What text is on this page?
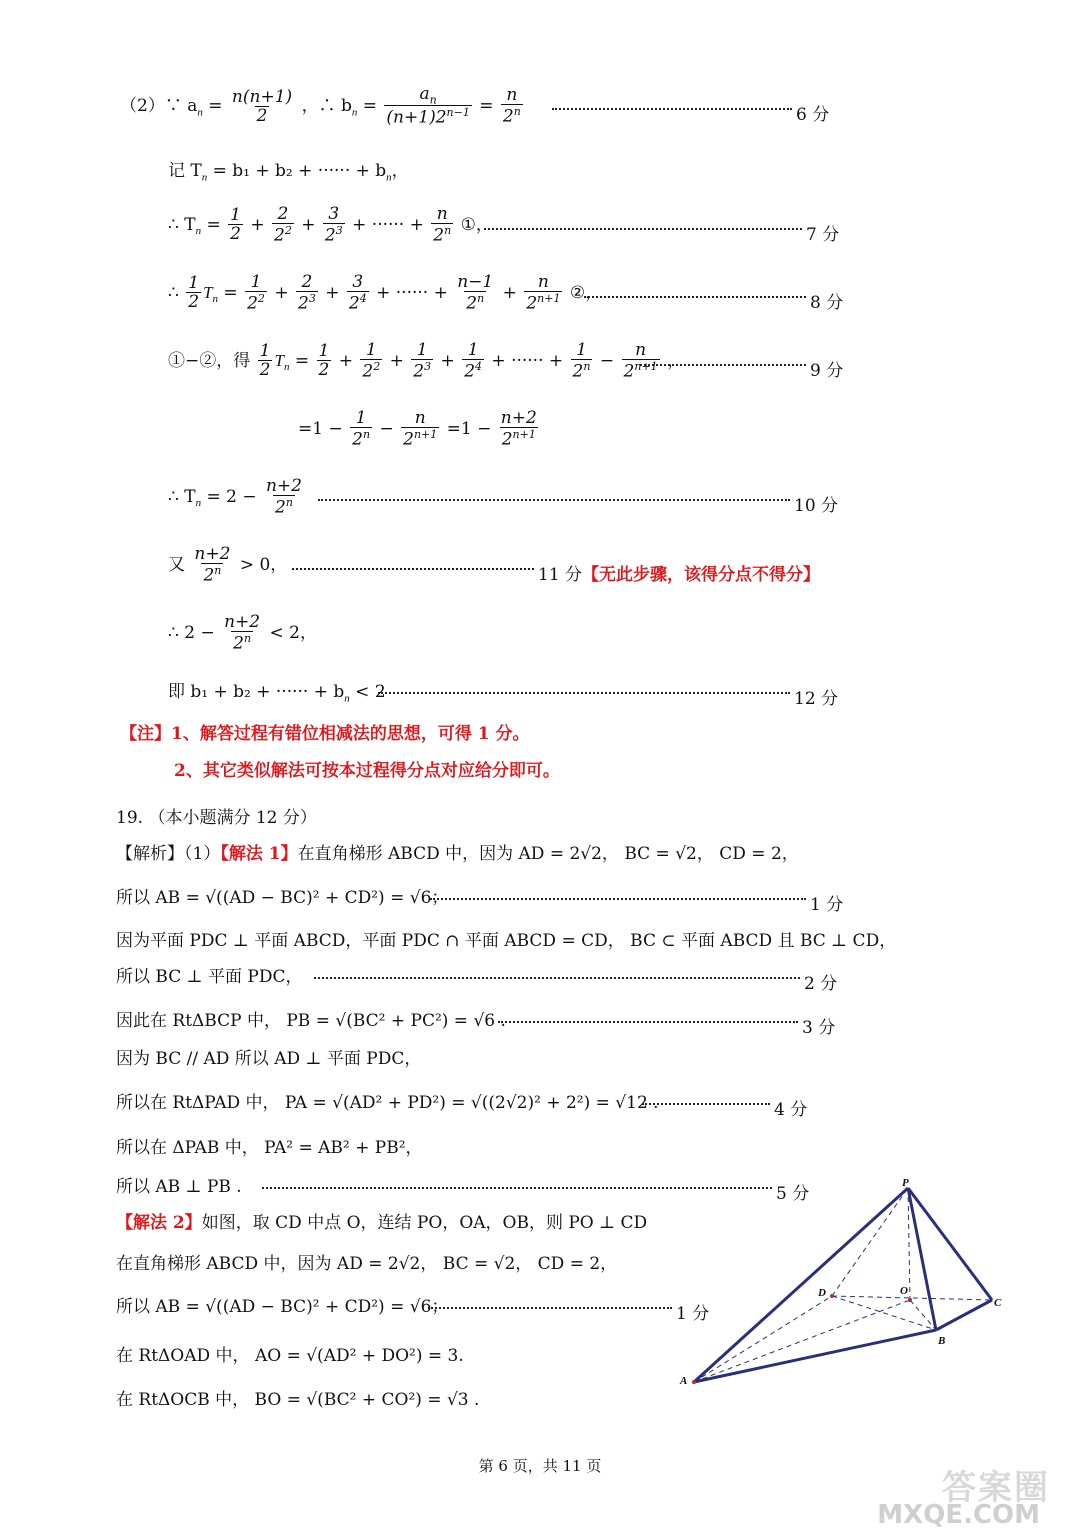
（2）∵ $a_n = \frac{n(n+1)}{2}$ ，∴ $b_n = \frac{a_n}{(n+1)2^{n-1}} = \frac{n}{2^n}$	6 分
记 $T_n = b_1 + b_2$ + ······ + $b_n$，
∴ $T_n = \frac{1}{2} + \frac{2}{2^2} + \frac{3}{2^3}$ + ······ + $\frac{n}{2^n}$ ①，
7 分
∴ $\frac{1}{2} T_n = \frac{1}{2^2} + \frac{2}{2^3} + \frac{3}{2^4}$ + ······ + $\frac{n-1}{2^n} + \frac{n}{2^{n+1}}$ ②，
8 分
①−②，得 $\frac{1}{2} T_n = \frac{1}{2} + \frac{1}{2^2} + \frac{1}{2^3} + \frac{1}{2^4}$ + ······ + $\frac{1}{2^n} - \frac{n}{2^{n+1}}$ ，
9 分
$=1 - \frac{1}{2^n} - \frac{n}{2^{n+1}} =1 - \frac{n+2}{2^{n+1}}$
∴ $T_n = 2 - \frac{n+2}{2^n}$	10 分
又 $\frac{n+2}{2^n} > 0$，
11 分 【无此步骤，该得分点不得分】
∴ $2 - \frac{n+2}{2^n} < 2$，
即 b₁ + b₂ + ······ + $b_n < 2$	12 分
【注】1、解答过程有错位相减法的思想，可得 1 分。
2、其它类似解法可按本过程得分点对应给分即可。
19. （本小题满分 12 分）
【解析】（1）【解法 1】在直角梯形 ABCD 中，因为 AD = 2√2， BC = √2， CD = 2，
所以 AB = √((AD − BC)² + CD²) = √6；	1 分
因为平面 PDC ⊥ 平面 ABCD，平面 PDC ∩ 平面 ABCD = CD， BC ⊂ 平面 ABCD 且 BC ⊥ CD，
所以 BC ⊥ 平面 PDC，	2 分
因此在 RtΔBCP 中， PB = √(BC² + PC²) = √6 .	3 分
因为 BC // AD 所以 AD ⊥ 平面 PDC，
所以在 RtΔPAD 中， PA = √(AD² + PD²) = √((2√2)² + 2²) = √12 .	4 分
所以在 ΔPAB 中， PA² = AB² + PB²，
所以 AB ⊥ PB .	5 分
【解法 2】如图，取 CD 中点 O，连结 PO，OA，OB，则 PO ⊥ CD
在直角梯形 ABCD 中，因为 AD = 2√2， BC = √2， CD = 2，
所以 AB = √((AD − BC)² + CD²) = √6；	1 分
在 RtΔOAD 中， AO = √(AD² + DO²) = 3.
在 RtΔOCB 中， BO = √(BC² + CO²) = √3 .
P
D	O
C
B
A
第 6 页，共 11 页
答案圈
MXQE.COM
